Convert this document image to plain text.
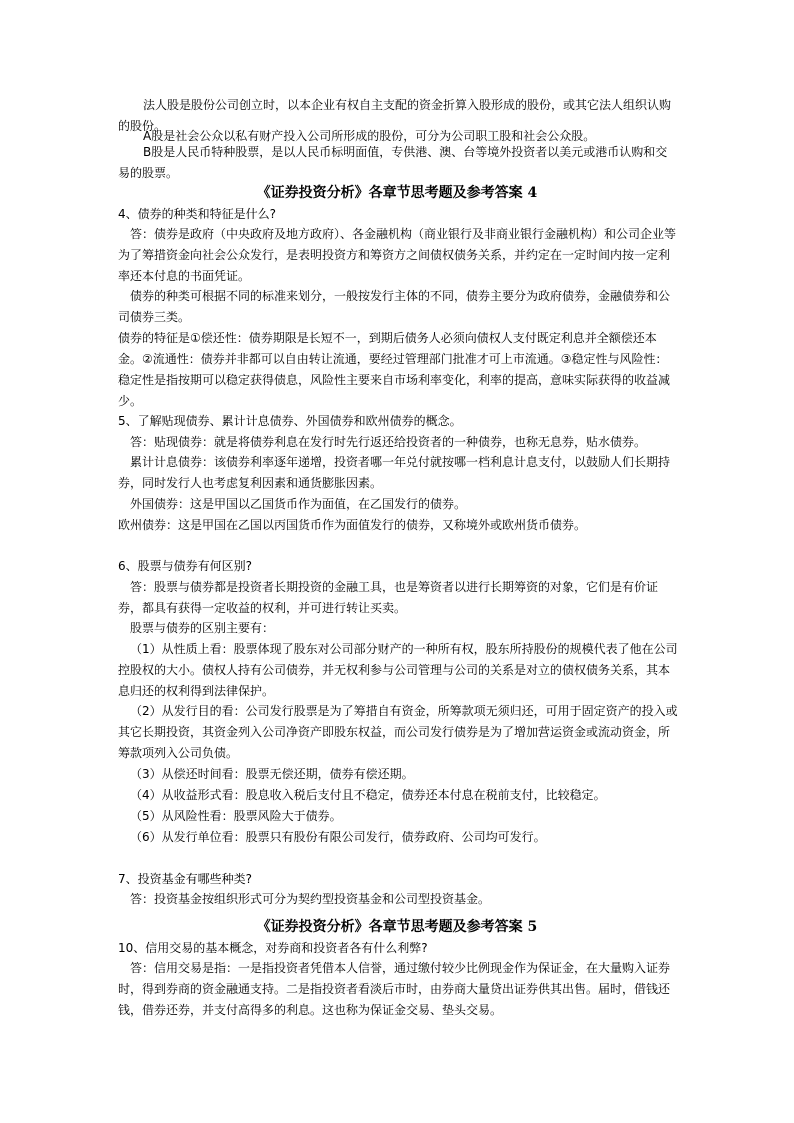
法人股是股份公司创立时，以本企业有权自主支配的资金折算入股形成的股份，或其它法人组织认购的股份。
A股是社会公众以私有财产投入公司所形成的股份，可分为公司职工股和社会公众股。
B股是人民币特种股票，是以人民币标明面值，专供港、澳、台等境外投资者以美元或港币认购和交易的股票。
《证券投资分析》各章节思考题及参考答案 4
4、债券的种类和特征是什么?
答：债券是政府（中央政府及地方政府）、各金融机构（商业银行及非商业银行金融机构）和公司企业等为了筹措资金向社会公众发行，是表明投资方和筹资方之间债权债务关系，并约定在一定时间内按一定利率还本付息的书面凭证。
债券的种类可根据不同的标准来划分，一般按发行主体的不同，债券主要分为政府债券，金融债券和公司债券三类。
债券的特征是①偿还性：债券期限是长短不一，到期后债务人必须向债权人支付既定利息并全额偿还本金。②流通性：债券并非都可以自由转让流通，要经过管理部门批准才可上市流通。③稳定性与风险性：稳定性是指按期可以稳定获得债息，风险性主要来自市场利率变化，利率的提高，意味实际获得的收益减少。
5、了解贴现债券、累计计息债券、外国债券和欧州债券的概念。
答：贴现债券：就是将债券利息在发行时先行返还给投资者的一种债券，也称无息券，贴水债券。
累计计息债券：该债券利率逐年递增，投资者哪一年兑付就按哪一档利息计息支付，以鼓励人们长期持券，同时发行人也考虑复利因素和通货膨胀因素。
外国债券：这是甲国以乙国货币作为面值，在乙国发行的债券。
欧州债券：这是甲国在乙国以丙国货币作为面值发行的债券，又称境外或欧州货币债券。
6、股票与债券有何区别?
答：股票与债券都是投资者长期投资的金融工具，也是筹资者以进行长期筹资的对象，它们是有价证券，都具有获得一定收益的权利，并可进行转让买卖。
股票与债券的区别主要有：
（1）从性质上看：股票体现了股东对公司部分财产的一种所有权，股东所持股份的规模代表了他在公司控股权的大小。债权人持有公司债券，并无权利参与公司管理与公司的关系是对立的债权债务关系，其本息归还的权利得到法律保护。
（2）从发行目的看：公司发行股票是为了筹措自有资金，所筹款项无须归还，可用于固定资产的投入或其它长期投资，其资金列入公司净资产即股东权益，而公司发行债券是为了增加营运资金或流动资金，所筹款项列入公司负债。
（3）从偿还时间看：股票无偿还期，债券有偿还期。
（4）从收益形式看：股息收入税后支付且不稳定，债券还本付息在税前支付，比较稳定。
（5）从风险性看：股票风险大于债券。
（6）从发行单位看：股票只有股份有限公司发行，债券政府、公司均可发行。
7、投资基金有哪些种类?
答：投资基金按组织形式可分为契约型投资基金和公司型投资基金。
《证券投资分析》各章节思考题及参考答案 5
10、信用交易的基本概念，对券商和投资者各有什么利弊?
答：信用交易是指：一是指投资者凭借本人信誉，通过缴付较少比例现金作为保证金，在大量购入证券时，得到券商的资金融通支持。二是指投资者看淡后市时，由券商大量贷出证券供其出售。届时，借钱还钱，借券还券，并支付高得多的利息。这也称为保证金交易、垫头交易。
